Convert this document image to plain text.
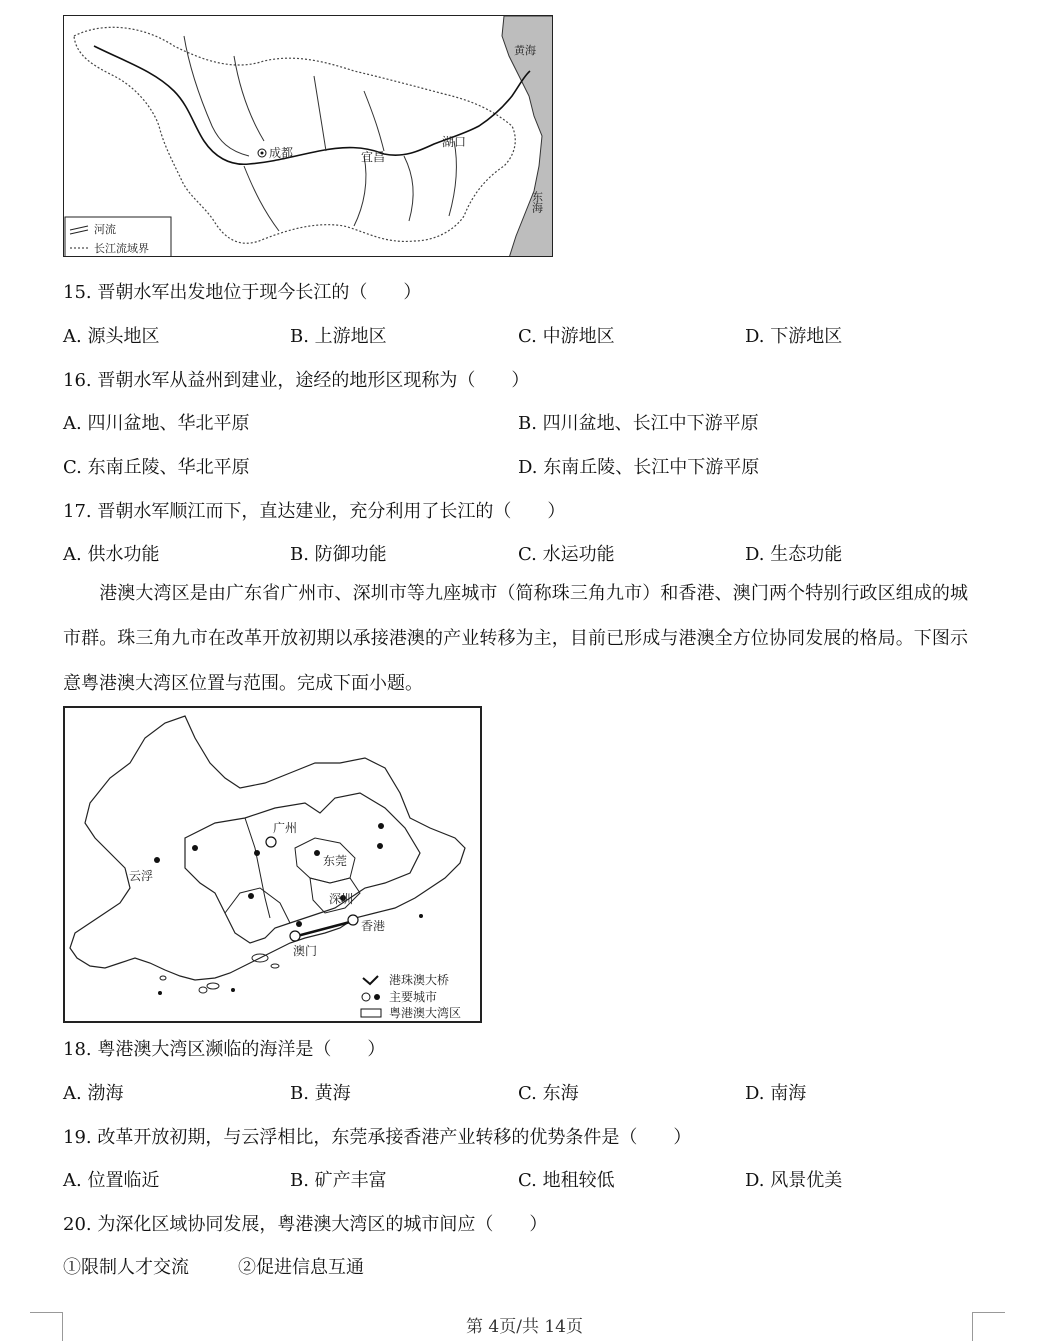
成都	宜昌
湖口
黄海
东海
河流
长江流域界
15. 晋朝水军出发地位于现今长江的（　　）
A. 源头地区	B. 上游地区	C. 中游地区	D. 下游地区
16. 晋朝水军从益州到建业，途经的地形区现称为（　　）
A. 四川盆地、华北平原	B. 四川盆地、长江中下游平原
C. 东南丘陵、华北平原	D. 东南丘陵、长江中下游平原
17. 晋朝水军顺江而下，直达建业，充分利用了长江的（　　）
A. 供水功能	B. 防御功能	C. 水运功能	D. 生态功能
　　港澳大湾区是由广东省广州市、深圳市等九座城市（简称珠三角九市）和香港、澳门两个特别行政区组成的城市群。珠三角九市在改革开放初期以承接港澳的产业转移为主，目前已形成与港澳全方位协同发展的格局。下图示意粤港澳大湾区位置与范围。完成下面小题。
广州
东莞
深圳
云浮
香港
澳门
港珠澳大桥
主要城市
粤港澳大湾区
18. 粤港澳大湾区濒临的海洋是（　　）
A. 渤海	B. 黄海	C. 东海	D. 南海
19. 改革开放初期，与云浮相比，东莞承接香港产业转移的优势条件是（　　）
A. 位置临近	B. 矿产丰富	C. 地租较低	D. 风景优美
20. 为深化区域协同发展，粤港澳大湾区的城市间应（　　）
①限制人才交流	②促进信息互通
第 4页/共 14页
